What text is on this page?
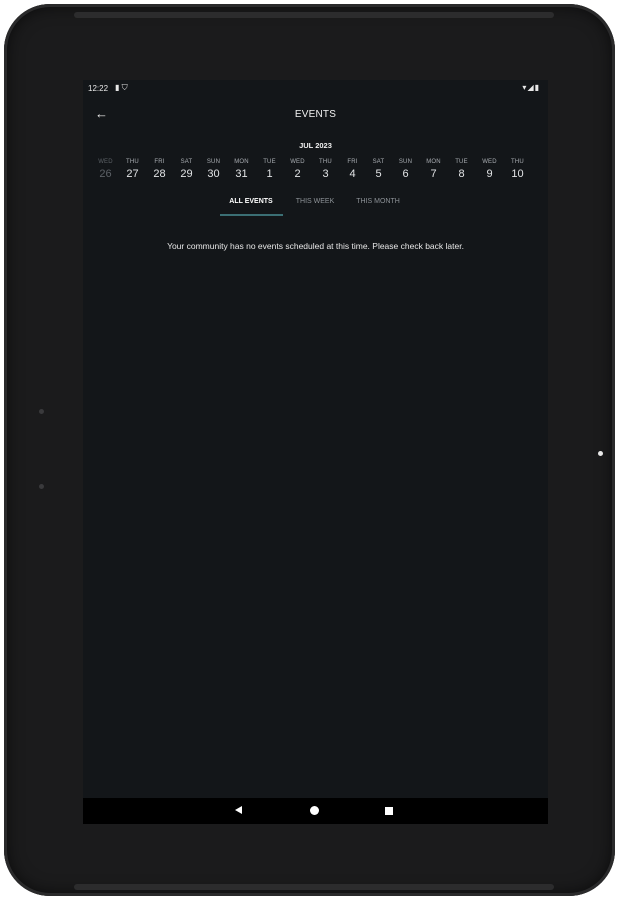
12:22 ▮ ⛉	▾◢▮
←	EVENTS
JUL 2023
WED
26
THU
27
FRI
28
SAT
29
SUN
30
MON
31
TUE
1
WED
2
THU
3
FRI
4
SAT
5
SUN
6
MON
7
TUE
8
WED
9
THU
10
ALL EVENTS	THIS WEEK	THIS MONTH
Your community has no events scheduled at this time. Please check back later.
